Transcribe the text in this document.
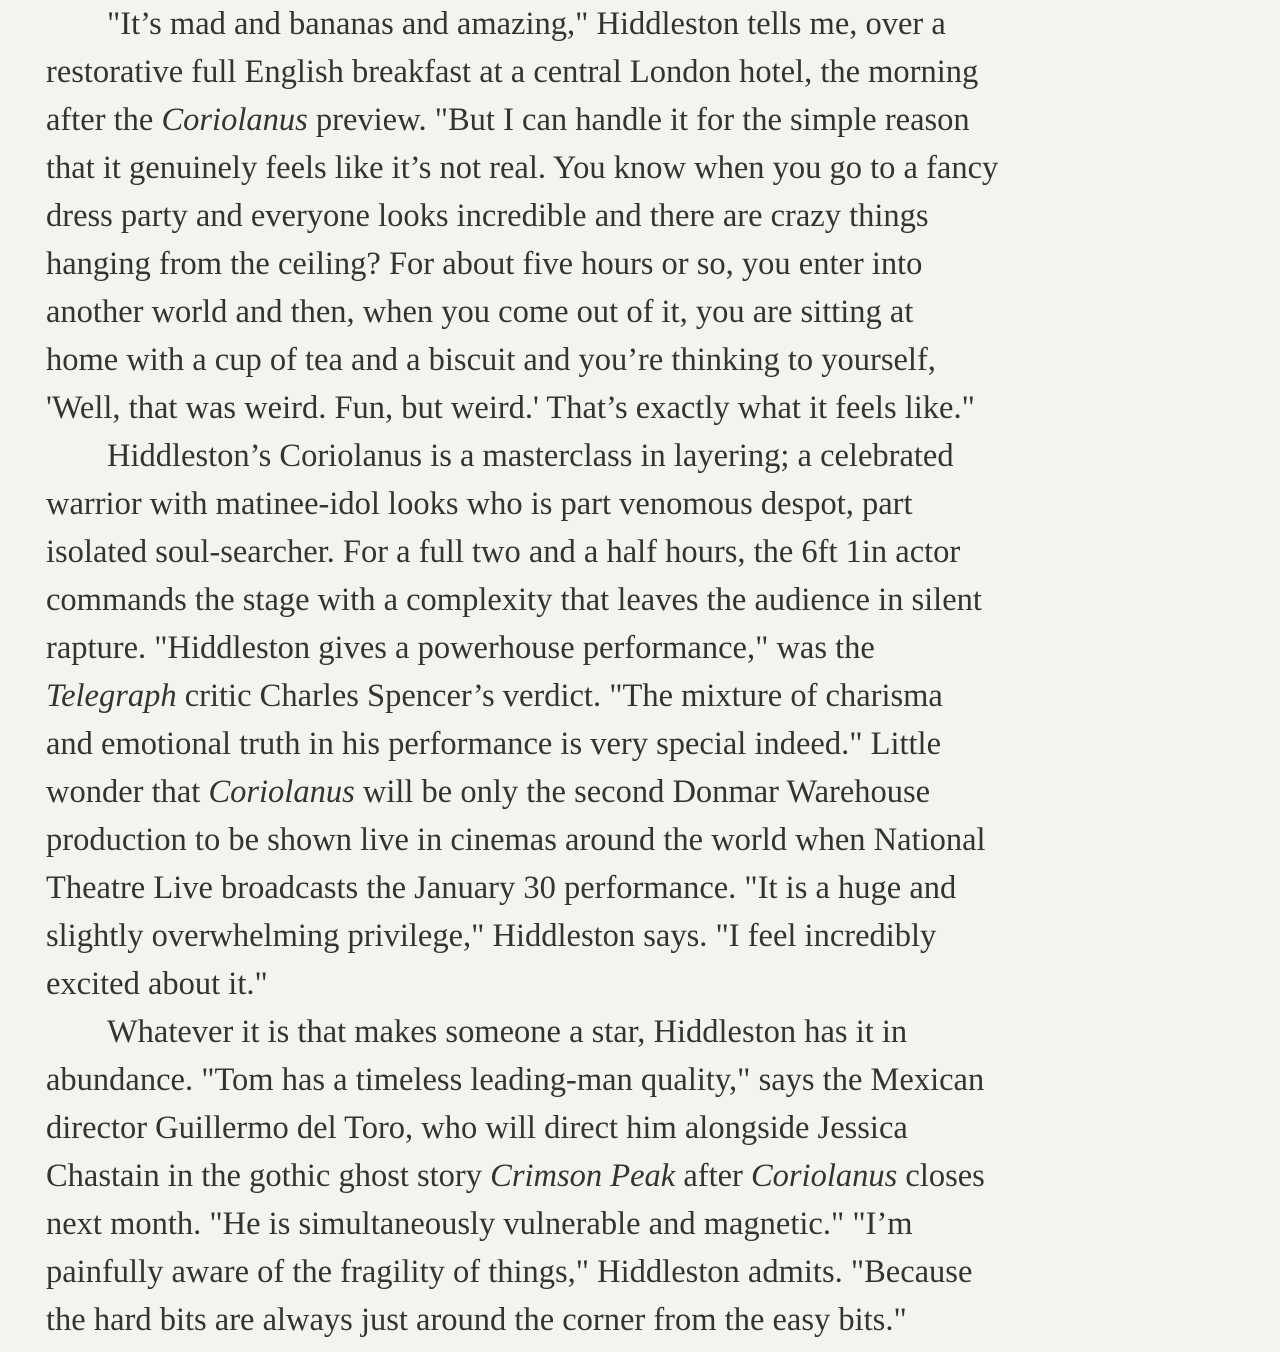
"It’s mad and bananas and amazing," Hiddleston tells me, over a
restorative full English breakfast at a central London hotel, the morning
after the Coriolanus preview. "But I can handle it for the simple reason
that it genuinely feels like it’s not real. You know when you go to a fancy
dress party and everyone looks incredible and there are crazy things
hanging from the ceiling? For about five hours or so, you enter into
another world and then, when you come out of it, you are sitting at
home with a cup of tea and a biscuit and you’re thinking to yourself,
'Well, that was weird. Fun, but weird.' That’s exactly what it feels like."
Hiddleston’s Coriolanus is a masterclass in layering; a celebrated
warrior with matinee-idol looks who is part venomous despot, part
isolated soul-searcher. For a full two and a half hours, the 6ft 1in actor
commands the stage with a complexity that leaves the audience in silent
rapture. "Hiddleston gives a powerhouse performance," was the
Telegraph critic Charles Spencer’s verdict. "The mixture of charisma
and emotional truth in his performance is very special indeed." Little
wonder that Coriolanus will be only the second Donmar Warehouse
production to be shown live in cinemas around the world when National
Theatre Live broadcasts the January 30 performance. "It is a huge and
slightly overwhelming privilege," Hiddleston says. "I feel incredibly
excited about it."
Whatever it is that makes someone a star, Hiddleston has it in
abundance. "Tom has a timeless leading-man quality," says the Mexican
director Guillermo del Toro, who will direct him alongside Jessica
Chastain in the gothic ghost story Crimson Peak after Coriolanus closes
next month. "He is simultaneously vulnerable and magnetic." "I’m
painfully aware of the fragility of things," Hiddleston admits. "Because
the hard bits are always just around the corner from the easy bits."
